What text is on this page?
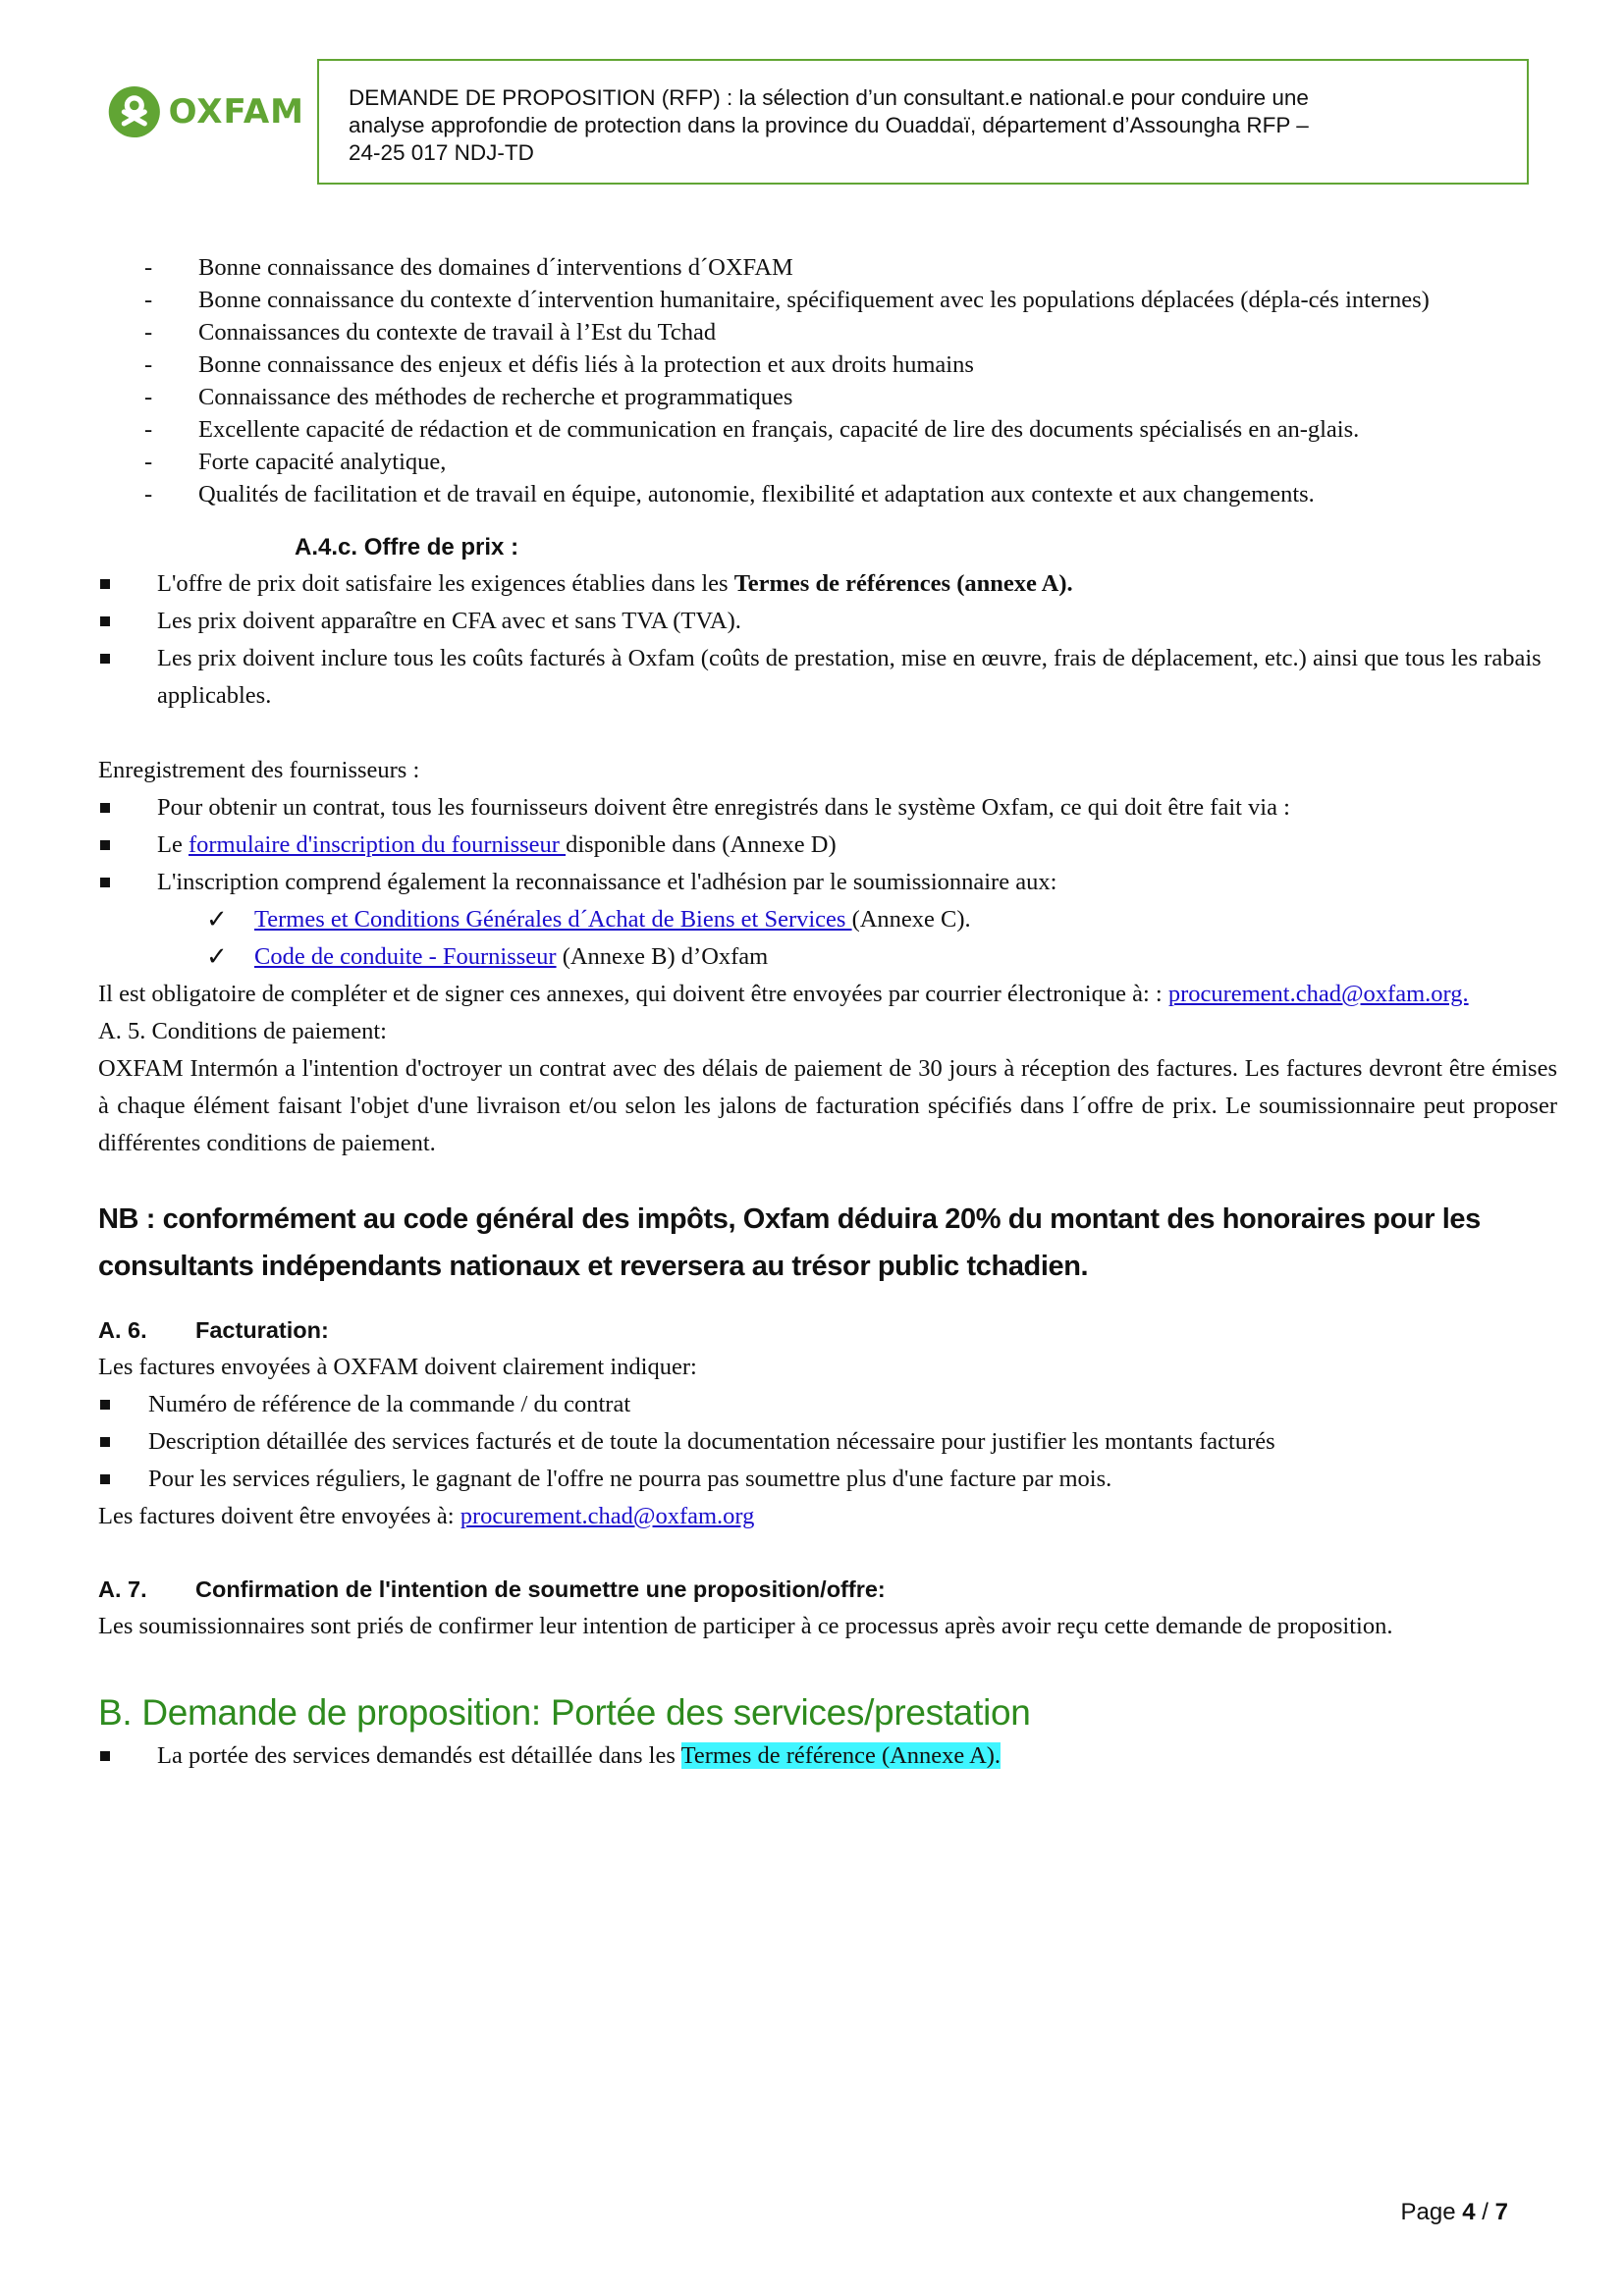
OXFAM DEMANDE DE PROPOSITION (RFP) : la sélection d’un consultant.e national.e pour conduire une
analyse approfondie de protection dans la province du Ouaddaï, département d’Assoungha RFP –
24-25 017 NDJ-TD
- Bonne connaissance des domaines d´interventions d´OXFAM
- Bonne connaissance du contexte d´intervention humanitaire, spécifiquement avec les populations déplacées (dépla-cés internes)
- Connaissances du contexte de travail à l’Est du Tchad
- Bonne connaissance des enjeux et défis liés à la protection et aux droits humains
- Connaissance des méthodes de recherche et programmatiques
- Excellente capacité de rédaction et de communication en français, capacité de lire des documents spécialisés en an-glais.
- Forte capacité analytique,
- Qualités de facilitation et de travail en équipe, autonomie, flexibilité et adaptation aux contexte et aux changements.
A.4.c. Offre de prix :
L'offre de prix doit satisfaire les exigences établies dans les Termes de références (annexe A).
Les prix doivent apparaître en CFA avec et sans TVA (TVA).
Les prix doivent inclure tous les coûts facturés à Oxfam (coûts de prestation, mise en œuvre, frais de déplacement, etc.) ainsi que tous les rabais applicables.

Enregistrement des fournisseurs :

Pour obtenir un contrat, tous les fournisseurs doivent être enregistrés dans le système Oxfam, ce qui doit être fait via :
Le formulaire d'inscription du fournisseur disponible dans (Annexe D)
L'inscription comprend également la reconnaissance et l'adhésion par le soumissionnaire aux:
✓ Termes et Conditions Générales d´Achat de Biens et Services (Annexe C).
✓ Code de conduite - Fournisseur (Annexe B) d’Oxfam

Il est obligatoire de compléter et de signer ces annexes, qui doivent être envoyées par courrier électronique à: : procurement.chad@oxfam.org.

A. 5. Conditions de paiement:

OXFAM Intermón a l'intention d'octroyer un contrat avec des délais de paiement de 30 jours à réception des factures. Les factures devront être émises à chaque élément faisant l'objet d'une livraison et/ou selon les jalons de facturation spécifiés dans l´offre de prix. Le soumissionnaire peut proposer différentes conditions de paiement.

NB : conformément au code général des impôts, Oxfam déduira 20% du montant des honoraires pour les consultants indépendants nationaux et reversera au trésor public tchadien.
A. 6.	Facturation:

Les factures envoyées à OXFAM doivent clairement indiquer:

Numéro de référence de la commande / du contrat
Description détaillée des services facturés et de toute la documentation nécessaire pour justifier les montants facturés
Pour les services réguliers, le gagnant de l'offre ne pourra pas soumettre plus d'une facture par mois.

Les factures doivent être envoyées à: procurement.chad@oxfam.org

A. 7.	Confirmation de l'intention de soumettre une proposition/offre:

Les soumissionnaires sont priés de confirmer leur intention de participer à ce processus après avoir reçu cette demande de proposition.

B. Demande de proposition: Portée des services/prestation
La portée des services demandés est détaillée dans les Termes de référence (Annexe A).
Page 4 / 7
